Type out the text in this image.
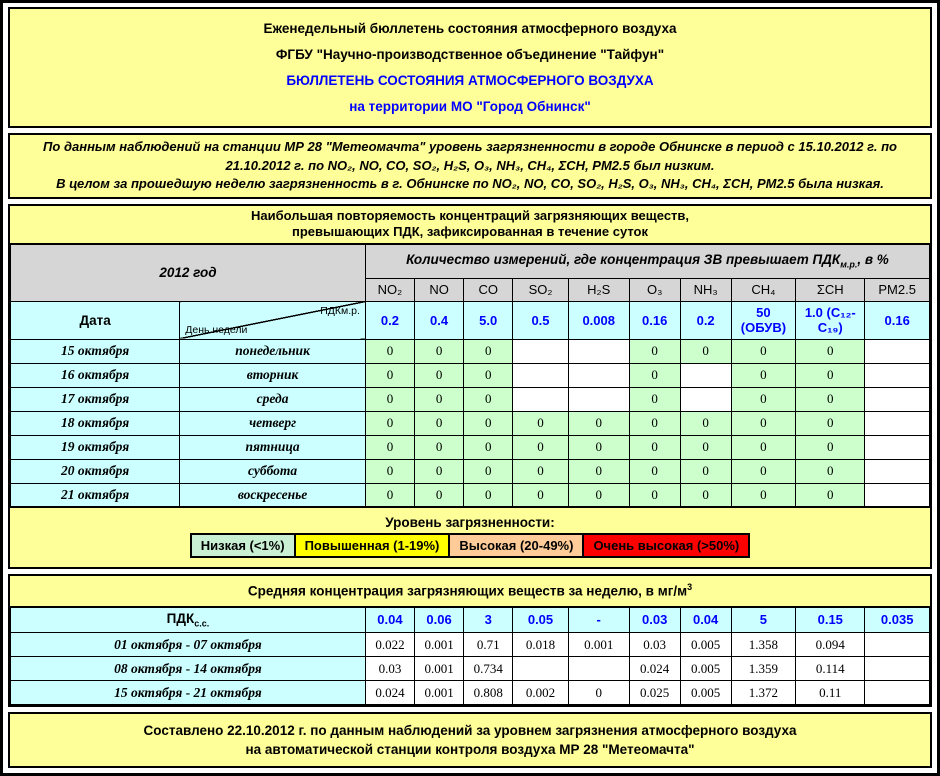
Еженедельный бюллетень состояния атмосферного воздуха
ФГБУ "Научно-производственное объединение "Тайфун"
БЮЛЛЕТЕНЬ СОСТОЯНИЯ АТМОСФЕРНОГО ВОЗДУХА
на территории МО "Город Обнинск"

По данным наблюдений на станции МР 28 "Метеомачта" уровень загрязненности в городе Обнинске в период с 15.10.2012 г. по 21.10.2012 г. по NO₂, NO, CO, SO₂, H₂S, O₃, NH₃, CH₄, ΣCH, PM2.5 был низким.

В целом за прошедшую неделю загрязненность в г. Обнинске по NO₂, NO, CO, SO₂, H₂S, O₃, NH₃, CH₄, ΣCH, PM2.5 была низкая.

Наибольшая повторяемость концентраций загрязняющих веществ,
превышающих ПДК, зафиксированная в течение суток
2012 год		Количество измерений, где концентрация ЗВ превышает $ПДК_{м.р.}$, в %									
		NO₂	NO	CO	SO₂	H₂S	O₃	NH₃	CH₄	ΣCH	PM2.5
Дата	ПДКм.р.
День недели	0.2	0.4	5.0	0.5	0.008	0.16	0.2	50 (ОБУВ)	1.0 (C₁₂-C₁₉)	0.16
15 октября	понедельник	0	0	0			0	0	0	0	
16 октября	вторник	0	0	0			0		0	0	
17 октября	среда	0	0	0			0		0	0	
18 октября	четверг	0	0	0	0	0	0	0	0	0	
19 октября	пятница	0	0	0	0	0	0	0	0	0	
20 октября	суббота	0	0	0	0	0	0	0	0	0	
21 октября	воскресенье	0	0	0	0	0	0	0	0	0	
Уровень загрязненности:
Низкая (<1%)	Повышенная (1-19%)	Высокая (20-49%)	Очень высокая (>50%)
Средняя концентрация загрязняющих веществ за неделю, в $мг/м^3$
$ПДК_{с.с.}$	0.04	0.06	3	0.05	-	0.03	0.04	5	0.15	0.035
01 октября - 07 октября	0.022	0.001	0.71	0.018	0.001	0.03	0.005	1.358	0.094	
08 октября - 14 октября	0.03	0.001	0.734			0.024	0.005	1.359	0.114	
15 октября - 21 октября	0.024	0.001	0.808	0.002	0	0.025	0.005	1.372	0.11	
Составлено 22.10.2012 г. по данным наблюдений за уровнем загрязнения атмосферного воздуха
на автоматической станции контроля воздуха МР 28 "Метеомачта"
